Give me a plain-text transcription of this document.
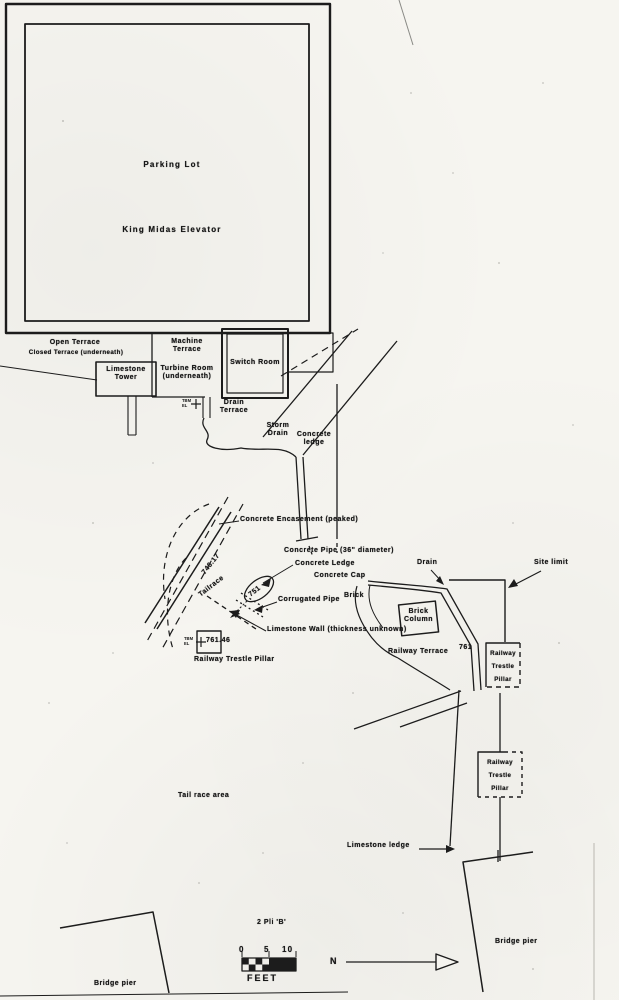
Parking Lot
King Midas Elevator
Open Terrace
Closed Terrace (underneath)
Machine
Terrace
Turbine Room
(underneath)
Switch Room
Limestone
Tower
Drain
Terrace
TBM
EL
Storm
Drain	Concrete
ledge
Concrete Encasement (peaked)
Concrete Pipe (36" diameter)
Concrete Ledge
Concrete Cap
Corrugated Pipe
Brick
Brick
Column
Limestone Wall (thickness unknown)
Railway Terrace
746.17
Tailrace	751
761
TBM
EL	761.46
Railway Trestle Pillar
Drain	Site limit
Railway
Trestle
Pillar
Railway
Trestle
Pillar
Tail race area
Limestone ledge
Bridge pier
Bridge pier
2 Pli 'B'
0 5 10
FEET
N
